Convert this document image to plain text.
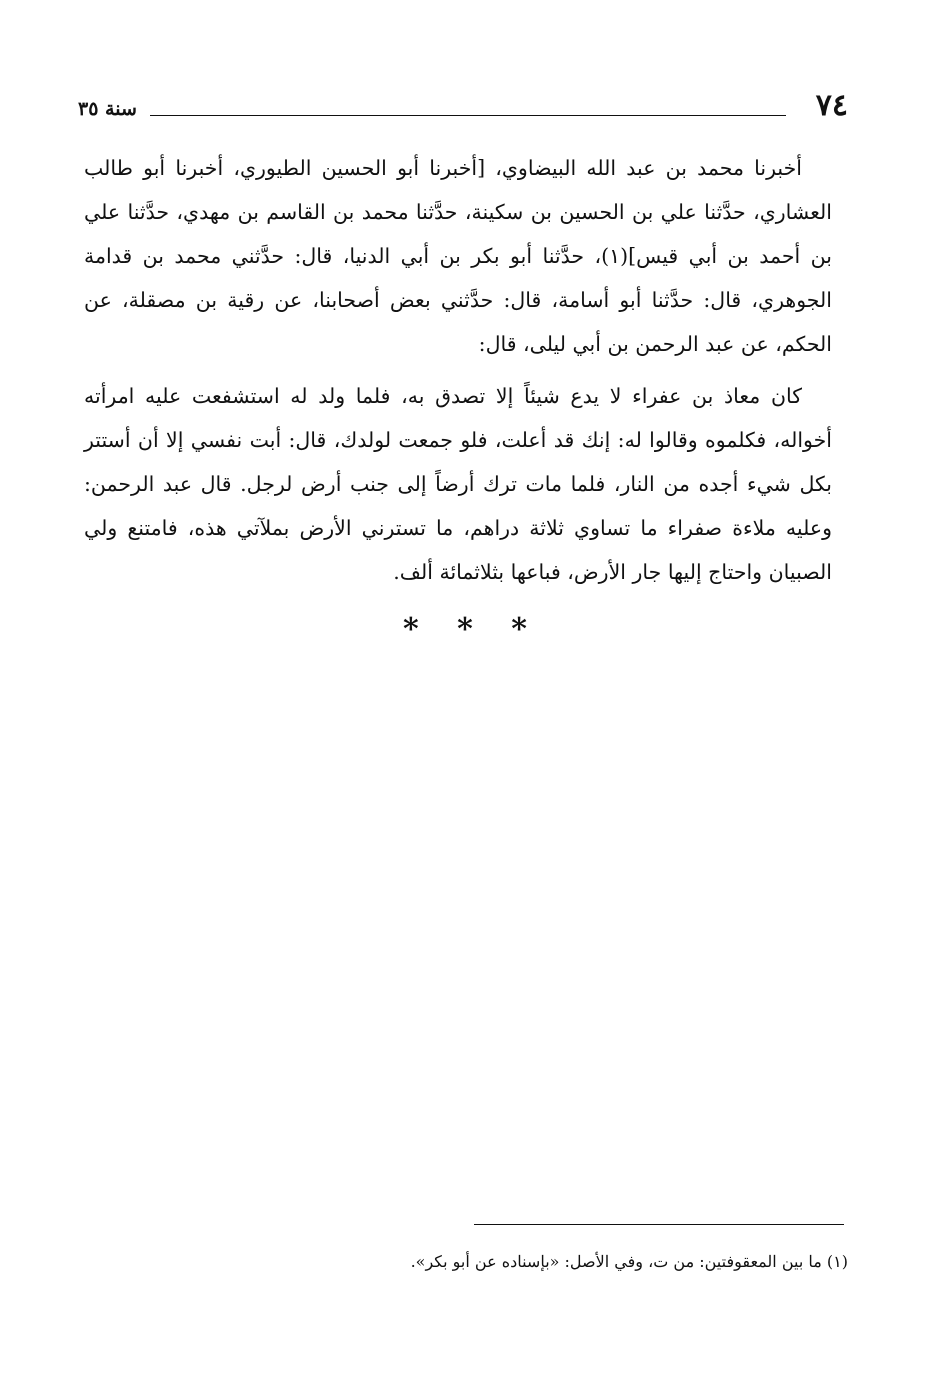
٧٤
سنة ٣٥

أخبرنا محمد بن عبد الله البيضاوي، [أخبرنا أبو الحسين الطيوري، أخبرنا أبو طالب العشاري، حدَّثنا علي بن الحسين بن سكينة، حدَّثنا محمد بن القاسم بن مهدي، حدَّثنا علي بن أحمد بن أبي قيس](١)، حدَّثنا أبو بكر بن أبي الدنيا، قال: حدَّثني محمد بن قدامة الجوهري، قال: حدَّثنا أبو أسامة، قال: حدَّثني بعض أصحابنا، عن رقية بن مصقلة، عن الحكم، عن عبد الرحمن بن أبي ليلى، قال:

كان معاذ بن عفراء لا يدع شيئاً إلا تصدق به، فلما ولد له استشفعت عليه امرأته أخواله، فكلموه وقالوا له: إنك قد أعلت، فلو جمعت لولدك، قال: أبت نفسي إلا أن أستتر بكل شيء أجده من النار، فلما مات ترك أرضاً إلى جنب أرض لرجل. قال عبد الرحمن: وعليه ملاءة صفراء ما تساوي ثلاثة دراهم، ما تسترني الأرض بملآتي هذه، فامتنع ولي الصبيان واحتاج إليها جار الأرض، فباعها بثلاثمائة ألف.

* * *
(١) ما بين المعقوفتين: من ت، وفي الأصل: «بإسناده عن أبو بكر».
